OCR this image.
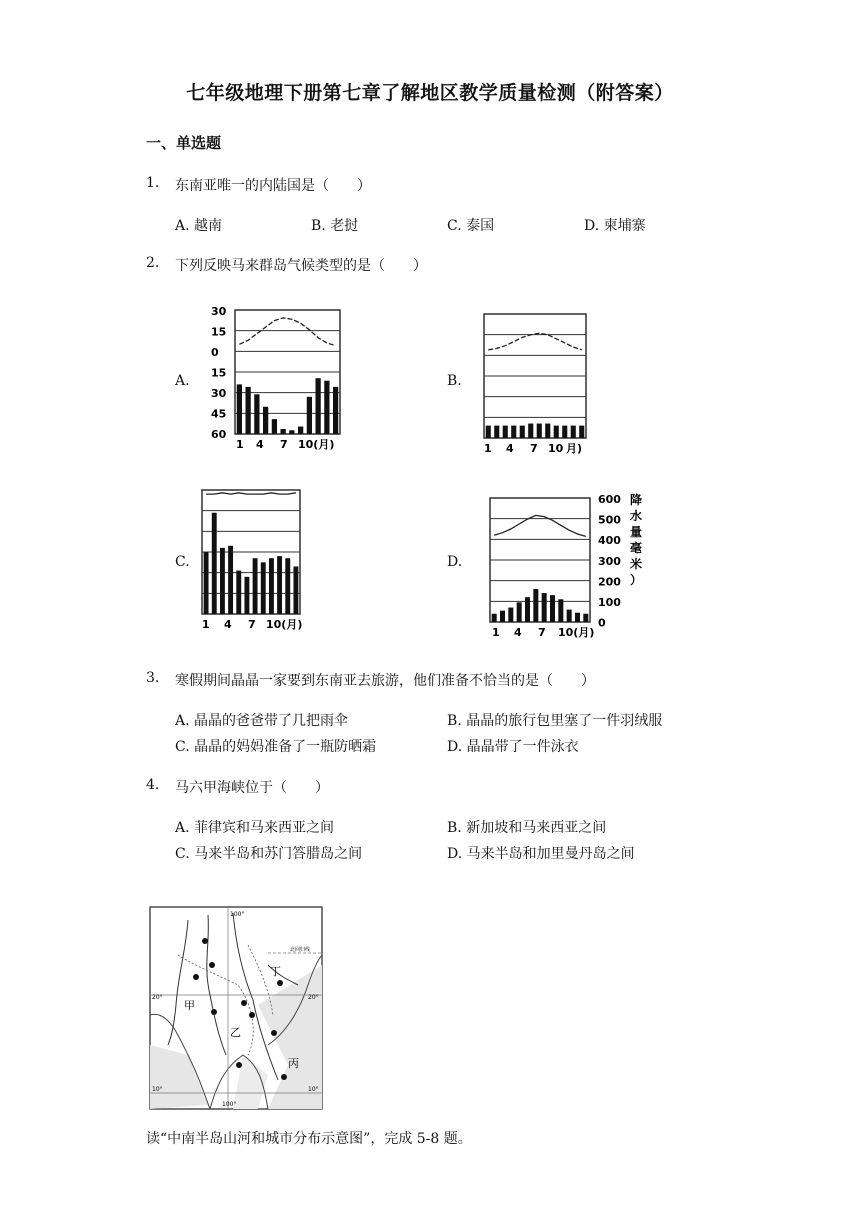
七年级地理下册第七章了解地区教学质量检测（附答案）
一、单选题
1. 东南亚唯一的内陆国是（　　）
A. 越南	B. 老挝	C. 泰国	D. 柬埔寨
2. 下列反映马来群岛气候类型的是（　　）
A.	B.
C.	D.
30
15
0
15
30
45
60
1 4 7 10(月)	1 4 7 10 月)
1 4 7 10(月)
600
500
400
300
200
100
0
1 4 7 10(月)
降
水
量
毫
米
）
3. 寒假期间晶晶一家要到东南亚去旅游，他们准备不恰当的是（　　）
A. 晶晶的爸爸带了几把雨伞	B. 晶晶的旅行包里塞了一件羽绒服
C. 晶晶的妈妈准备了一瓶防晒霜	D. 晶晶带了一件泳衣
4. 马六甲海峡位于（　　）
A. 菲律宾和马来西亚之间	B. 新加坡和马来西亚之间
C. 马来半岛和苏门答腊岛之间	D. 马来半岛和加里曼丹岛之间
甲
乙
丙
丁
100°
20°	20°
10°	10°
100°
北回归线
读“中南半岛山河和城市分布示意图”，完成 5-8 题。
